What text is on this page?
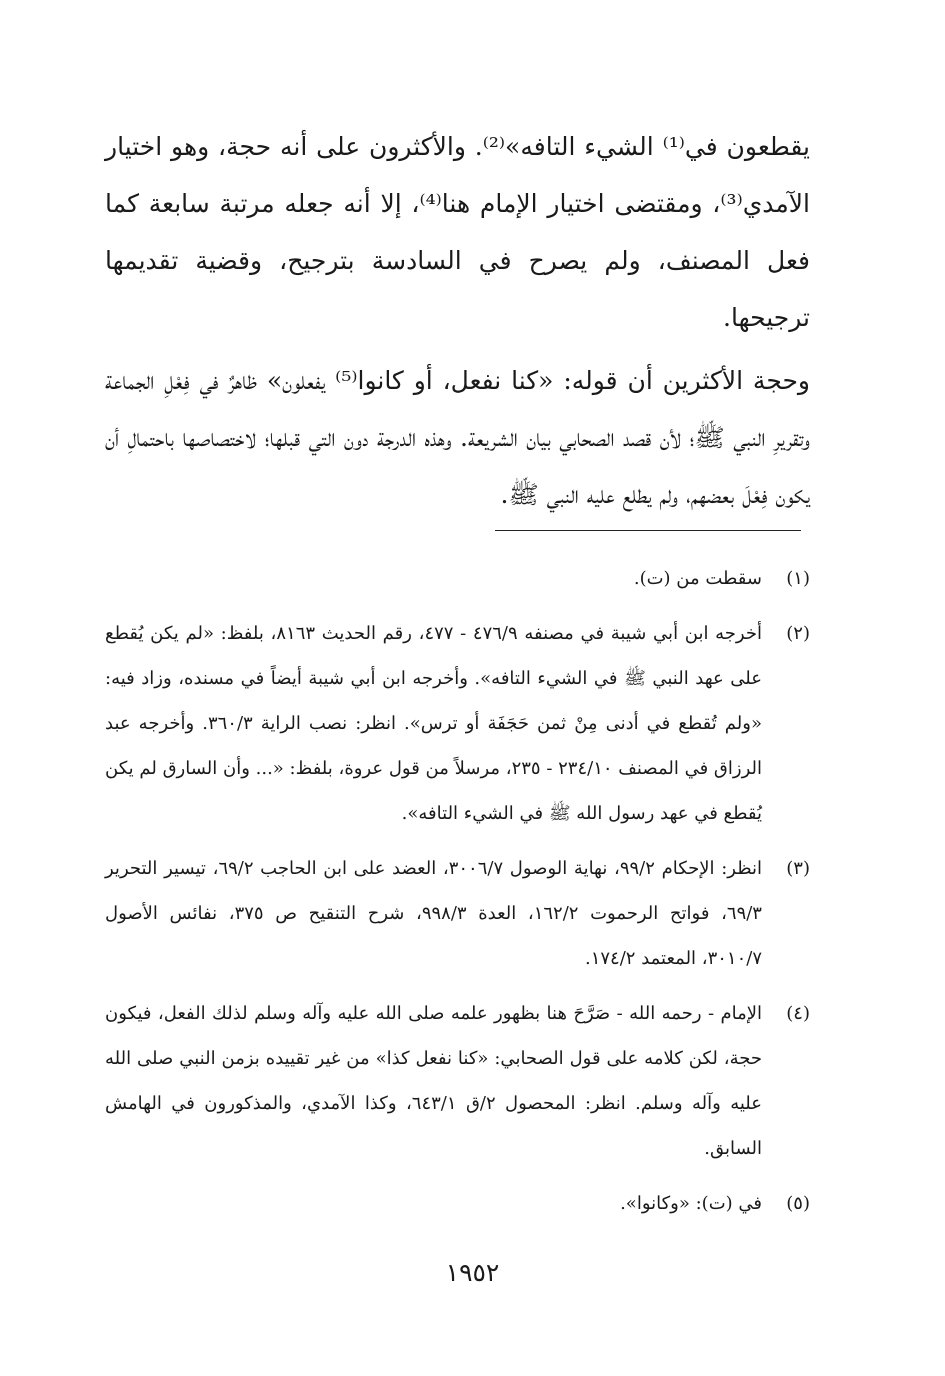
يقطعون في⁽¹⁾ الشيء التافه»⁽²⁾. والأكثرون على أنه حجة، وهو اختيار الآمدي⁽³⁾، ومقتضى اختيار الإمام هنا⁽⁴⁾، إلا أنه جعله مرتبة سابعة كما فعل المصنف، ولم يصرح في السادسة بترجيح، وقضية تقديمها ترجيحها.

وحجة الأكثرين أن قوله: «كنا نفعل، أو كانوا⁽⁵⁾ يفعلون» ظاهرٌ في فِعْلِ الجماعة وتقريرِ النبي ﷺ؛ لأن قصد الصحابي بيان الشريعة. وهذه الدرجة دون التي قبلها؛ لاختصاصها باحتمالِ أن يكون فِعْلَ بعضهم، ولم يطلع عليه النبي ﷺ.

(١)
سقطت من (ت).
(٢)
أخرجه ابن أبي شيبة في مصنفه ٤٧٦/٩ - ٤٧٧، رقم الحديث ٨١٦٣، بلفظ: «لم يكن يُقطع على عهد النبي ﷺ في الشيء التافه». وأخرجه ابن أبي شيبة أيضاً في مسنده، وزاد فيه: «ولم تُقطع في أدنى مِنْ ثمن حَجَفَة أو ترس». انظر: نصب الراية ٣٦٠/٣. وأخرجه عبد الرزاق في المصنف ٢٣٤/١٠ - ٢٣٥، مرسلاً من قول عروة، بلفظ: «... وأن السارق لم يكن يُقطع في عهد رسول الله ﷺ في الشيء التافه».
(٣)
انظر: الإحكام ٩٩/٢، نهاية الوصول ٣٠٠٦/٧، العضد على ابن الحاجب ٦٩/٢، تيسير التحرير ٦٩/٣، فواتح الرحموت ١٦٢/٢، العدة ٩٩٨/٣، شرح التنقيح ص ٣٧٥، نفائس الأصول ٣٠١٠/٧، المعتمد ١٧٤/٢.
(٤)
الإمام - رحمه الله - صَرَّحَ هنا بظهور علمه صلى الله عليه وآله وسلم لذلك الفعل، فيكون حجة، لكن كلامه على قول الصحابي: «كنا نفعل كذا» من غير تقييده بزمن النبي صلى الله عليه وآله وسلم. انظر: المحصول ٢/ق ٦٤٣/١، وكذا الآمدي، والمذكورون في الهامش السابق.
(٥)
في (ت): «وكانوا».
١٩٥٢
